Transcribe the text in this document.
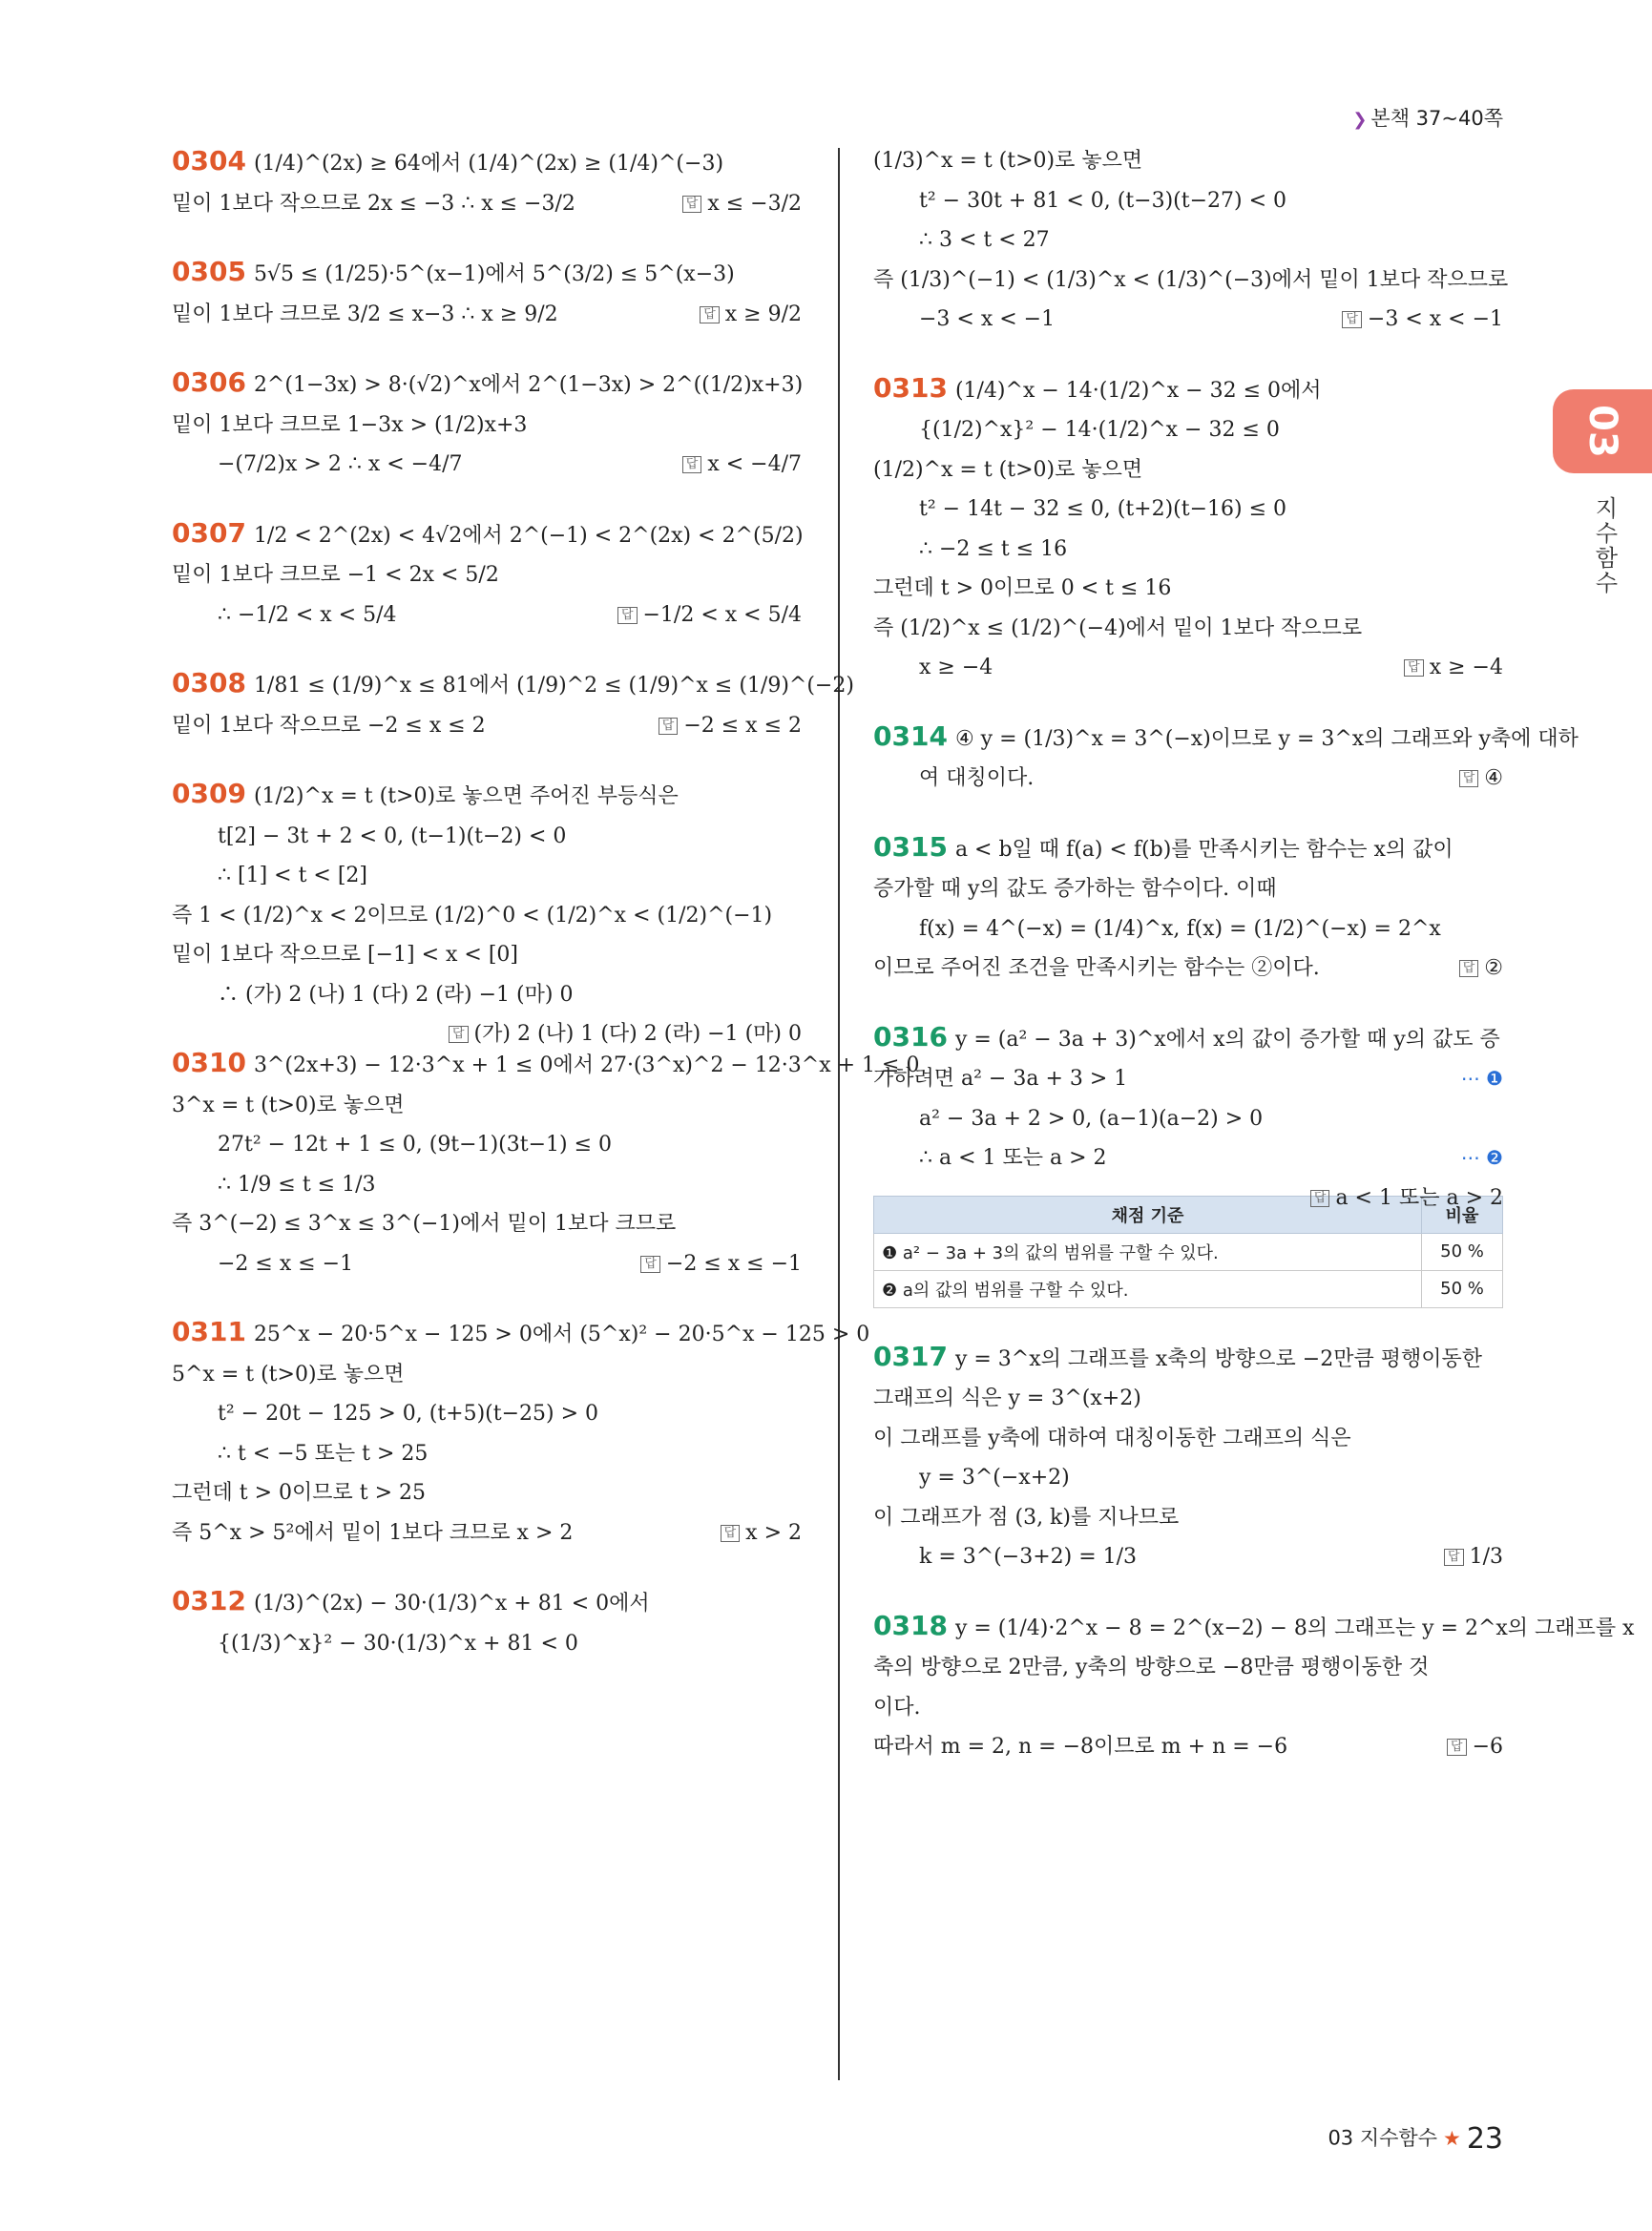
❯ 본책 37~40쪽
03
지수함수
0304 (1/4)^(2x) ≥ 64에서 (1/4)^(2x) ≥ (1/4)^(−3)
밑이 1보다 작으므로 2x ≤ −3 ∴ x ≤ −3/2	답 x ≤ −3/2
0305 5√5 ≤ (1/25)·5^(x−1)에서 5^(3/2) ≤ 5^(x−3)
밑이 1보다 크므로 3/2 ≤ x−3 ∴ x ≥ 9/2	답 x ≥ 9/2
0306 2^(1−3x) > 8·(√2)^x에서 2^(1−3x) > 2^((1/2)x+3)
밑이 1보다 크므로 1−3x > (1/2)x+3
−(7/2)x > 2 ∴ x < −4/7	답 x < −4/7
0307 1/2 < 2^(2x) < 4√2에서 2^(−1) < 2^(2x) < 2^(5/2)
밑이 1보다 크므로 −1 < 2x < 5/2
∴ −1/2 < x < 5/4	답 −1/2 < x < 5/4
0308 1/81 ≤ (1/9)^x ≤ 81에서 (1/9)^2 ≤ (1/9)^x ≤ (1/9)^(−2)
밑이 1보다 작으므로 −2 ≤ x ≤ 2	답 −2 ≤ x ≤ 2
0309 (1/2)^x = t (t>0)로 놓으면 주어진 부등식은
t[2] − 3t + 2 < 0, (t−1)(t−2) < 0
∴ [1] < t < [2]
즉 1 < (1/2)^x < 2이므로 (1/2)^0 < (1/2)^x < (1/2)^(−1)
밑이 1보다 작으므로 [−1] < x < [0]
∴ (가) 2 (나) 1 (다) 2 (라) −1 (마) 0
답 (가) 2 (나) 1 (다) 2 (라) −1 (마) 0
0310 3^(2x+3) − 12·3^x + 1 ≤ 0에서 27·(3^x)^2 − 12·3^x + 1 ≤ 0
3^x = t (t>0)로 놓으면
27t² − 12t + 1 ≤ 0, (9t−1)(3t−1) ≤ 0
∴ 1/9 ≤ t ≤ 1/3
즉 3^(−2) ≤ 3^x ≤ 3^(−1)에서 밑이 1보다 크므로
−2 ≤ x ≤ −1	답 −2 ≤ x ≤ −1
0311 25^x − 20·5^x − 125 > 0에서 (5^x)² − 20·5^x − 125 > 0
5^x = t (t>0)로 놓으면
t² − 20t − 125 > 0, (t+5)(t−25) > 0
∴ t < −5 또는 t > 25
그런데 t > 0이므로 t > 25
즉 5^x > 5²에서 밑이 1보다 크므로 x > 2	답 x > 2
0312 (1/3)^(2x) − 30·(1/3)^x + 81 < 0에서
{(1/3)^x}² − 30·(1/3)^x + 81 < 0
(1/3)^x = t (t>0)로 놓으면
t² − 30t + 81 < 0, (t−3)(t−27) < 0
∴ 3 < t < 27
즉 (1/3)^(−1) < (1/3)^x < (1/3)^(−3)에서 밑이 1보다 작으므로
−3 < x < −1	답 −3 < x < −1
0313 (1/4)^x − 14·(1/2)^x − 32 ≤ 0에서
{(1/2)^x}² − 14·(1/2)^x − 32 ≤ 0
(1/2)^x = t (t>0)로 놓으면
t² − 14t − 32 ≤ 0, (t+2)(t−16) ≤ 0
∴ −2 ≤ t ≤ 16
그런데 t > 0이므로 0 < t ≤ 16
즉 (1/2)^x ≤ (1/2)^(−4)에서 밑이 1보다 작으므로
x ≥ −4	답 x ≥ −4
0314 ④ y = (1/3)^x = 3^(−x)이므로 y = 3^x의 그래프와 y축에 대하
여 대칭이다.	답 ④
0315 a < b일 때 f(a) < f(b)를 만족시키는 함수는 x의 값이
증가할 때 y의 값도 증가하는 함수이다. 이때
f(x) = 4^(−x) = (1/4)^x, f(x) = (1/2)^(−x) = 2^x
이므로 주어진 조건을 만족시키는 함수는 ②이다.	답 ②
0316 y = (a² − 3a + 3)^x에서 x의 값이 증가할 때 y의 값도 증
가하려면 a² − 3a + 3 > 1	⋯ ❶
a² − 3a + 2 > 0, (a−1)(a−2) > 0
∴ a < 1 또는 a > 2	⋯ ❷
답 a < 1 또는 a > 2
채점 기준	비율
❶ a² − 3a + 3의 값의 범위를 구할 수 있다.	50 %
❷ a의 값의 범위를 구할 수 있다.	50 %
0317 y = 3^x의 그래프를 x축의 방향으로 −2만큼 평행이동한
그래프의 식은 y = 3^(x+2)
이 그래프를 y축에 대하여 대칭이동한 그래프의 식은
y = 3^(−x+2)
이 그래프가 점 (3, k)를 지나므로
k = 3^(−3+2) = 1/3	답 1/3
0318 y = (1/4)·2^x − 8 = 2^(x−2) − 8의 그래프는 y = 2^x의 그래프를 x
축의 방향으로 2만큼, y축의 방향으로 −8만큼 평행이동한 것
이다.
따라서 m = 2, n = −8이므로 m + n = −6	답 −6
03 지수함수 ★ 23
